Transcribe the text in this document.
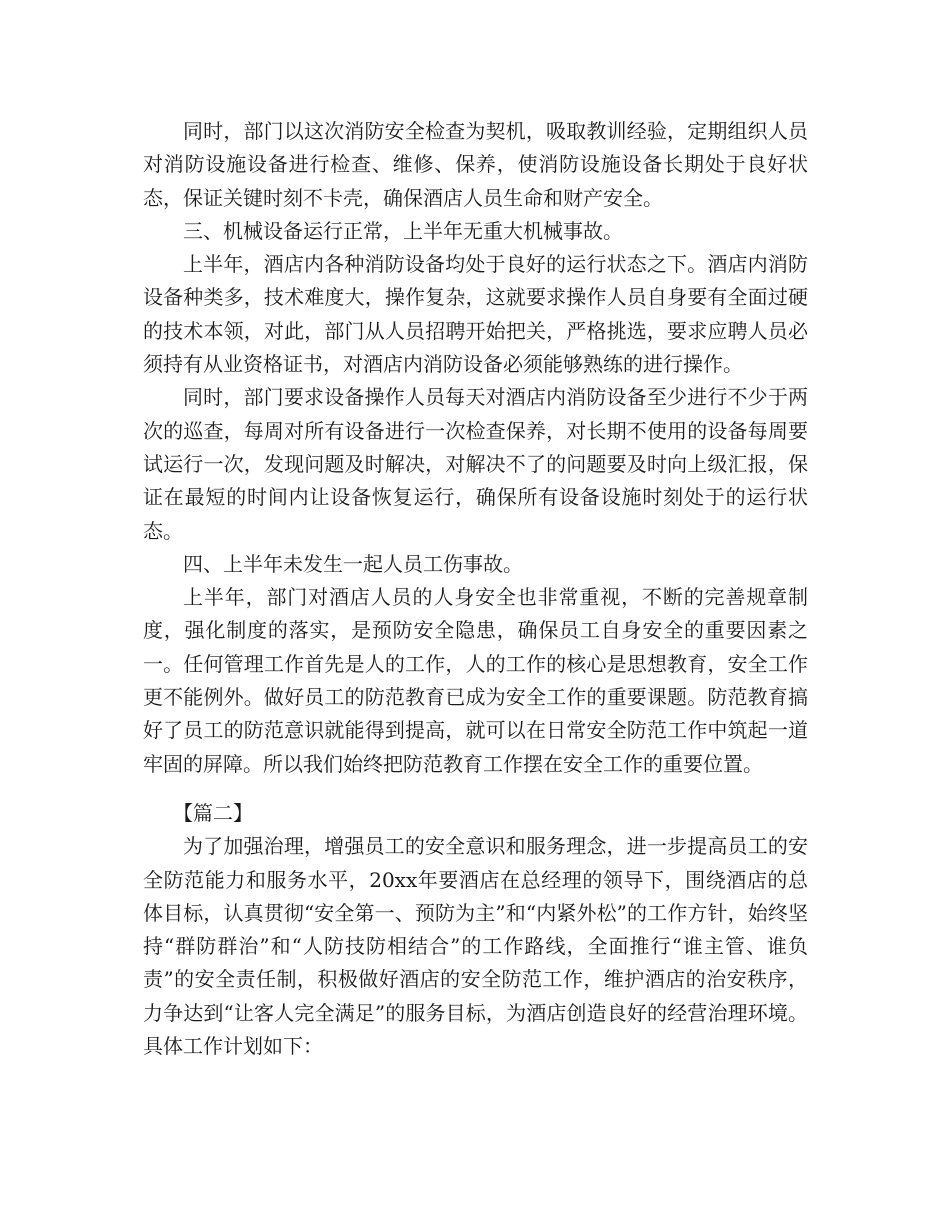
同时，部门以这次消防安全检查为契机，吸取教训经验，定期组织人员对消防设施设备进行检查、维修、保养，使消防设施设备长期处于良好状态，保证关键时刻不卡壳，确保酒店人员生命和财产安全。

三、机械设备运行正常，上半年无重大机械事故。

上半年，酒店内各种消防设备均处于良好的运行状态之下。酒店内消防设备种类多，技术难度大，操作复杂，这就要求操作人员自身要有全面过硬的技术本领，对此，部门从人员招聘开始把关，严格挑选，要求应聘人员必须持有从业资格证书，对酒店内消防设备必须能够熟练的进行操作。

同时，部门要求设备操作人员每天对酒店内消防设备至少进行不少于两次的巡查，每周对所有设备进行一次检查保养，对长期不使用的设备每周要试运行一次，发现问题及时解决，对解决不了的问题要及时向上级汇报，保证在最短的时间内让设备恢复运行，确保所有设备设施时刻处于的运行状态。

四、上半年未发生一起人员工伤事故。

上半年，部门对酒店人员的人身安全也非常重视，不断的完善规章制度，强化制度的落实，是预防安全隐患，确保员工自身安全的重要因素之一。任何管理工作首先是人的工作，人的工作的核心是思想教育，安全工作更不能例外。做好员工的防范教育已成为安全工作的重要课题。防范教育搞好了员工的防范意识就能得到提高，就可以在日常安全防范工作中筑起一道牢固的屏障。所以我们始终把防范教育工作摆在安全工作的重要位置。

【篇二】

为了加强治理，增强员工的安全意识和服务理念，进一步提高员工的安全防范能力和服务水平，20xx年要酒店在总经理的领导下，围绕酒店的总体目标，认真贯彻“安全第一、预防为主”和“内紧外松”的工作方针，始终坚持“群防群治”和“人防技防相结合”的工作路线，全面推行“谁主管、谁负责”的安全责任制，积极做好酒店的安全防范工作，维护酒店的治安秩序，力争达到“让客人完全满足”的服务目标，为酒店创造良好的经营治理环境。具体工作计划如下：
